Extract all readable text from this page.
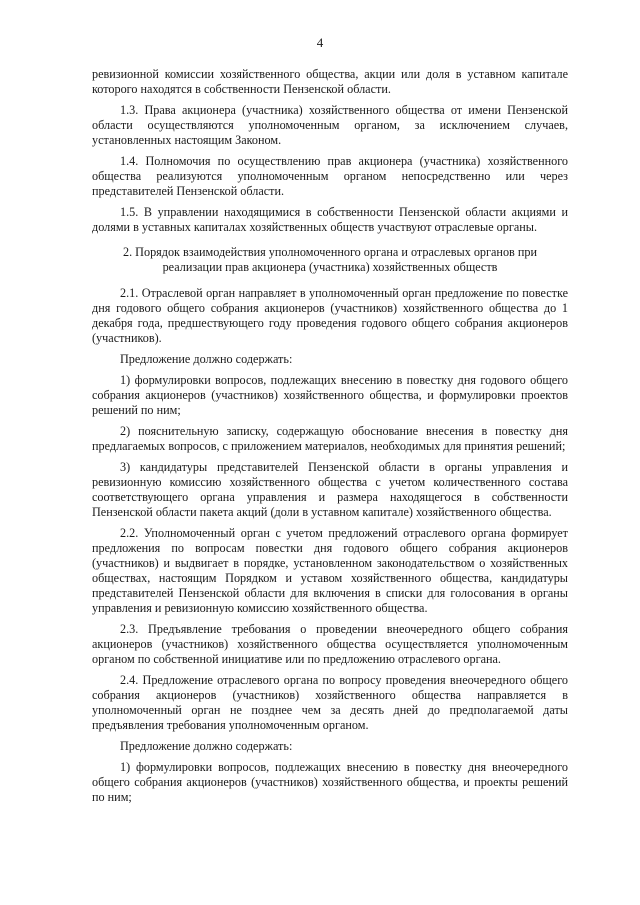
4

ревизионной комиссии хозяйственного общества, акции или доля в уставном капитале которого находятся в собственности Пензенской области.

1.3. Права акционера (участника) хозяйственного общества от имени Пензенской области осуществляются уполномоченным органом, за исключением случаев, установленных настоящим Законом.

1.4. Полномочия по осуществлению прав акционера (участника) хозяйственного общества реализуются уполномоченным органом непосредственно или через представителей Пензенской области.

1.5. В управлении находящимися в собственности Пензенской области акциями и долями в уставных капиталах хозяйственных обществ участвуют отраслевые органы.

2. Порядок взаимодействия уполномоченного органа и отраслевых органов при
реализации прав акционера (участника) хозяйственных обществ

2.1. Отраслевой орган направляет в уполномоченный орган предложение по повестке дня годового общего собрания акционеров (участников) хозяйственного общества до 1 декабря года, предшествующего году проведения годового общего собрания акционеров (участников).

Предложение должно содержать:

1) формулировки вопросов, подлежащих внесению в повестку дня годового общего собрания акционеров (участников) хозяйственного общества, и формулировки проектов решений по ним;

2) пояснительную записку, содержащую обоснование внесения в повестку дня предлагаемых вопросов, с приложением материалов, необходимых для принятия решений;

3) кандидатуры представителей Пензенской области в органы управления и ревизионную комиссию хозяйственного общества с учетом количественного состава соответствующего органа управления и размера находящегося в собственности Пензенской области пакета акций (доли в уставном капитале) хозяйственного общества.

2.2. Уполномоченный орган с учетом предложений отраслевого органа формирует предложения по вопросам повестки дня годового общего собрания акционеров (участников) и выдвигает в порядке, установленном законодательством о хозяйственных обществах, настоящим Порядком и уставом хозяйственного общества, кандидатуры представителей Пензенской области для включения в списки для голосования в органы управления и ревизионную комиссию хозяйственного общества.

2.3. Предъявление требования о проведении внеочередного общего собрания акционеров (участников) хозяйственного общества осуществляется уполномоченным органом по собственной инициативе или по предложению отраслевого органа.

2.4. Предложение отраслевого органа по вопросу проведения внеочередного общего собрания акционеров (участников) хозяйственного общества направляется в уполномоченный орган не позднее чем за десять дней до предполагаемой даты предъявления требования уполномоченным органом.

Предложение должно содержать:

1) формулировки вопросов, подлежащих внесению в повестку дня внеочередного общего собрания акционеров (участников) хозяйственного общества, и проекты решений по ним;
